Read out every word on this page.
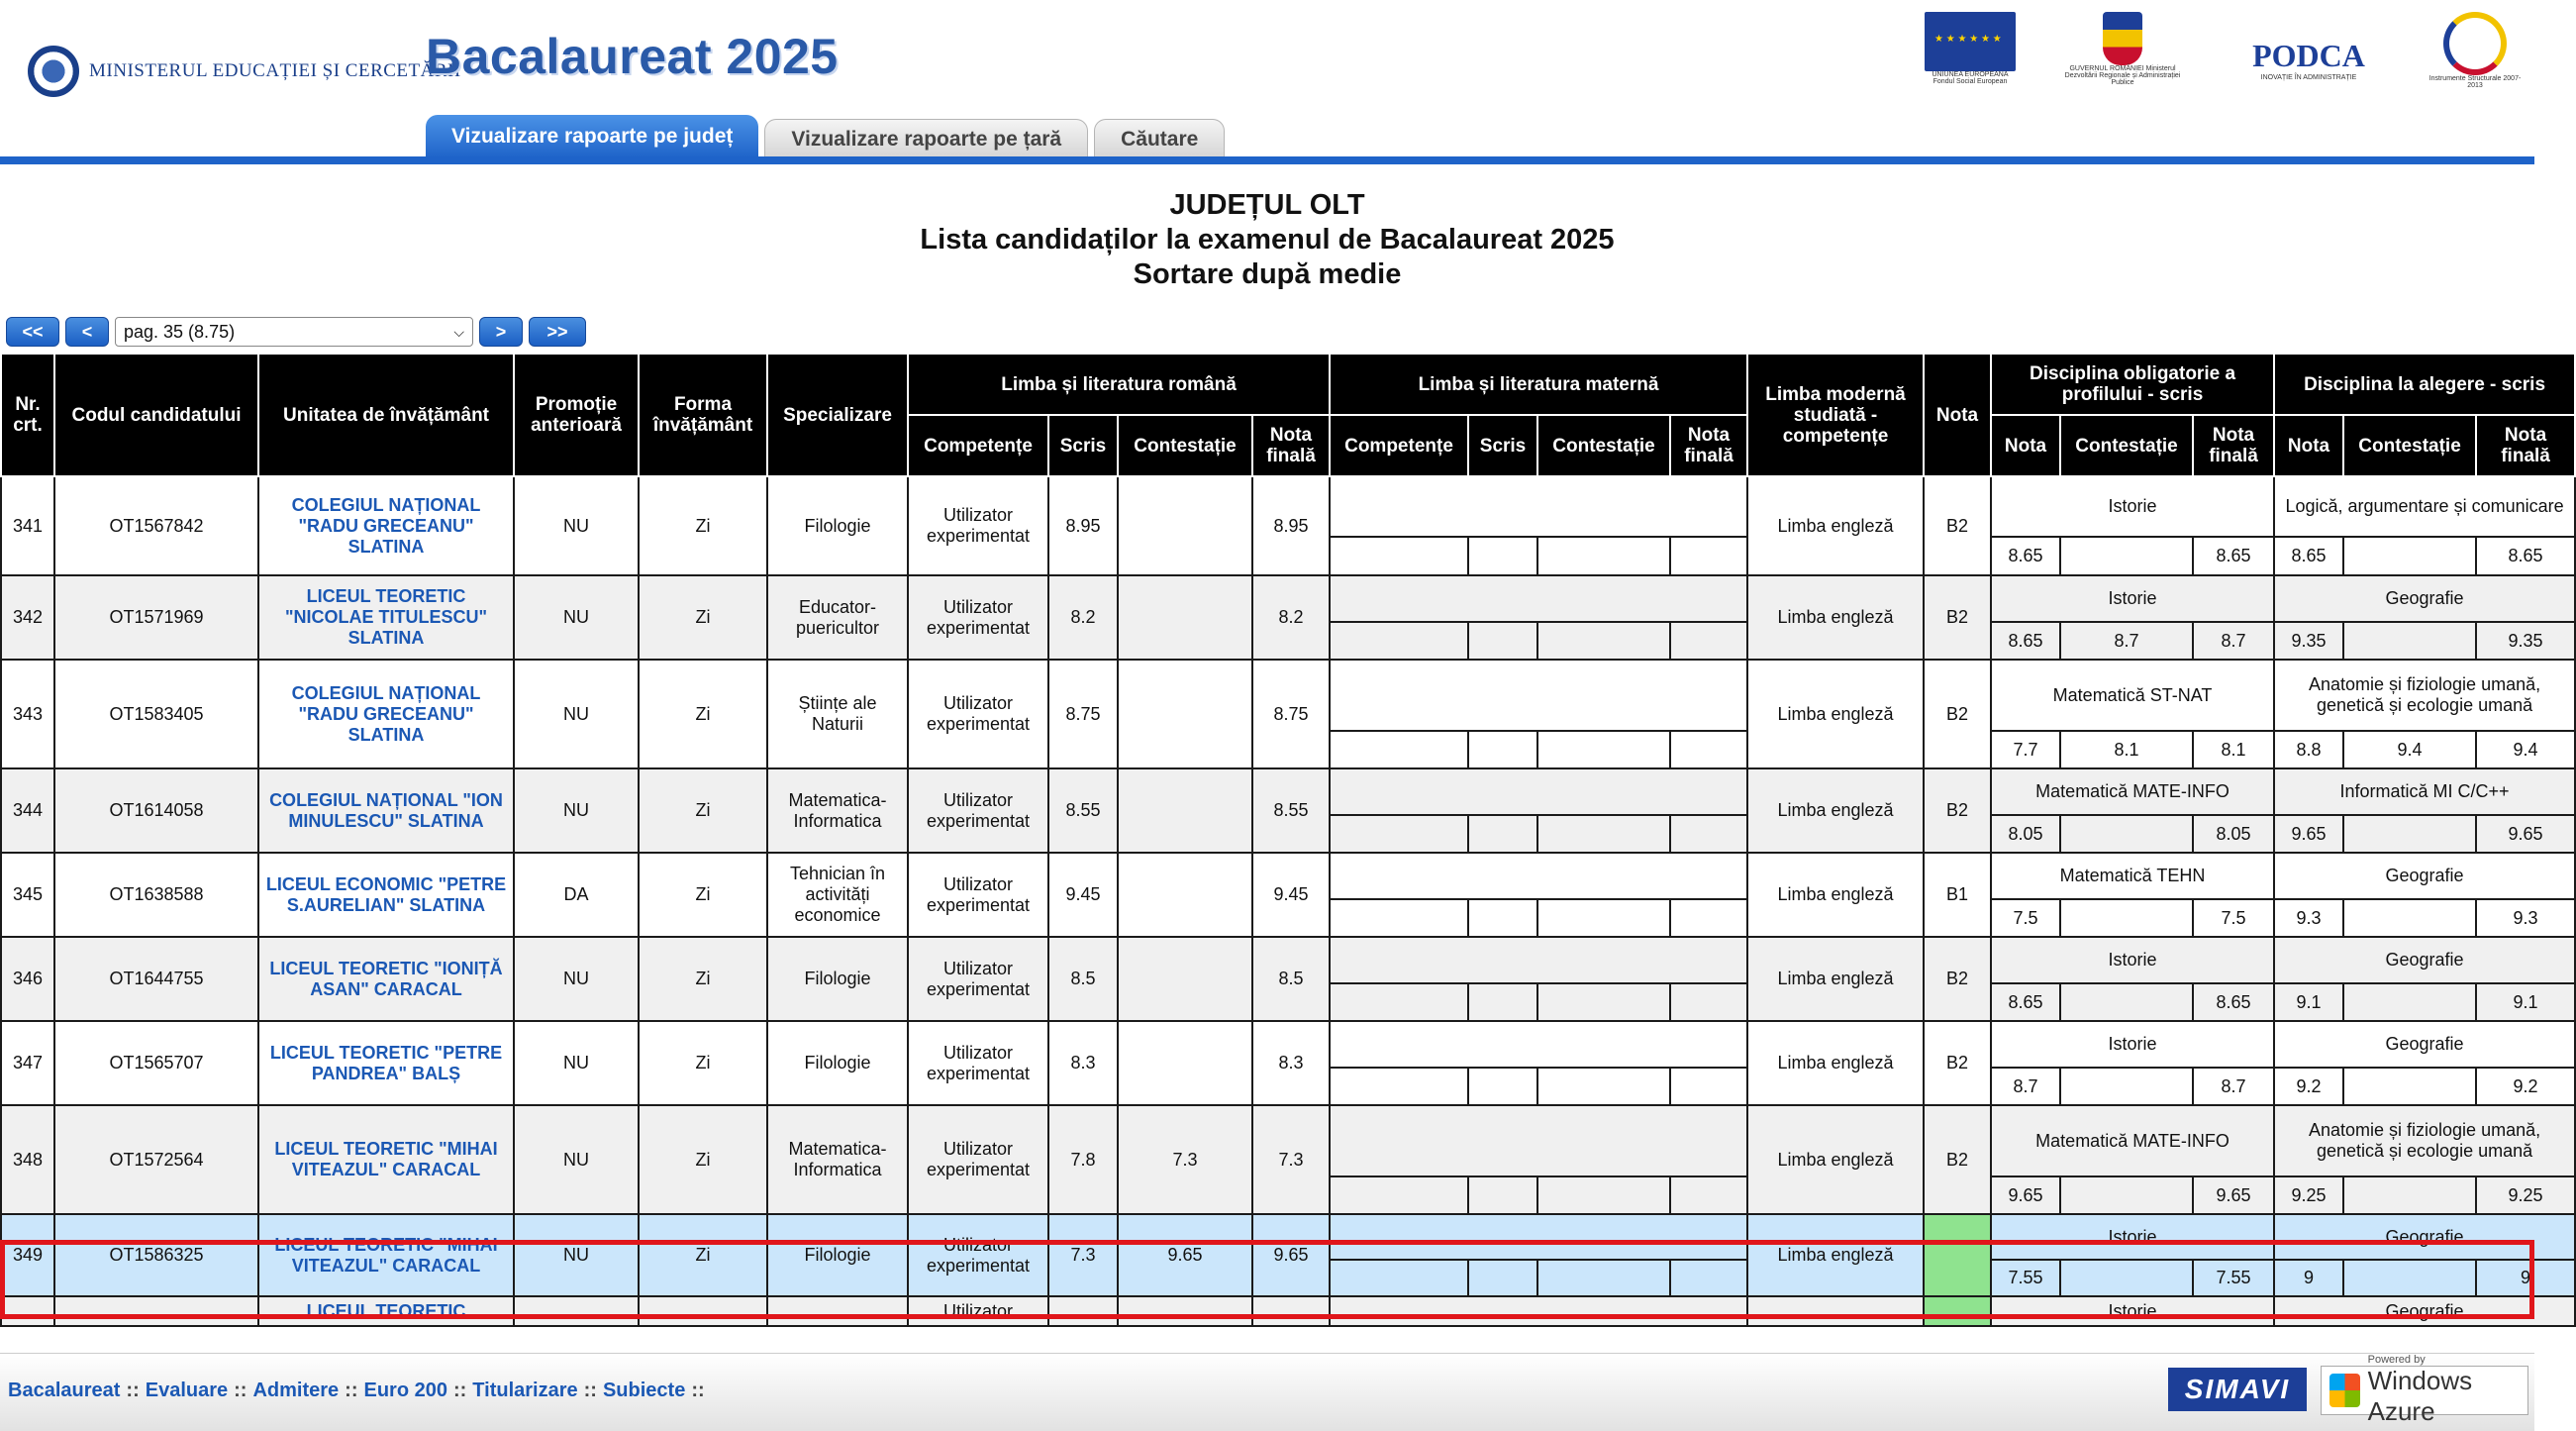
MINISTERUL EDUCAȚIEI ȘI CERCETĂRII
Bacalaureat 2025
★ ★ ★ ★ ★ ★	UNIUNEA EUROPEANĂ Fondul Social European
GUVERNUL ROMÂNIEI Ministerul Dezvoltării Regionale și Administrației Publice
PODCA
INOVAȚIE ÎN ADMINISTRAȚIE	Instrumente Structurale 2007-2013
Vizualizare rapoarte pe județ	Vizualizare rapoarte pe țară	Căutare
JUDEȚUL OLT
Lista candidaților la examenul de Bacalaureat 2025
Sortare după medie
<<	<	pag. 35 (8.75)	⌵	>	>>
Nr. crt.	Codul candidatului	Unitatea de învățământ	Promoție anterioară	Forma învățământ	Specializare	Limba și literatura română				Limba și literatura maternă				Limba modernă studiată - competențe	Nota	Disciplina obligatorie a profilului - scris			Disciplina la alegere - scris		
						Competențe	Scris	Contestație	Nota finală	Competențe	Scris	Contestație	Nota finală			Nota	Contestație	Nota finală	Nota	Contestație	Nota finală
341	OT1567842	COLEGIUL NAȚIONAL "RADU GRECEANU" SLATINA	NU	Zi	Filologie	Utilizator experimentat	8.95		8.95					Limba engleză	B2	Istorie			Logică, argumentare și comunicare		
																8.65		8.65	8.65		8.65
342	OT1571969	LICEUL TEORETIC "NICOLAE TITULESCU" SLATINA	NU	Zi	Educator-puericultor	Utilizator experimentat	8.2		8.2					Limba engleză	B2	Istorie			Geografie		
																8.65	8.7	8.7	9.35		9.35
343	OT1583405	COLEGIUL NAȚIONAL "RADU GRECEANU" SLATINA	NU	Zi	Științe ale Naturii	Utilizator experimentat	8.75		8.75					Limba engleză	B2	Matematică ST-NAT			Anatomie și fiziologie umană, genetică și ecologie umană		
																7.7	8.1	8.1	8.8	9.4	9.4
344	OT1614058	COLEGIUL NAȚIONAL "ION MINULESCU" SLATINA	NU	Zi	Matematica-Informatica	Utilizator experimentat	8.55		8.55					Limba engleză	B2	Matematică MATE-INFO			Informatică MI C/C++		
																8.05		8.05	9.65		9.65
345	OT1638588	LICEUL ECONOMIC "PETRE S.AURELIAN" SLATINA	DA	Zi	Tehnician în activități economice	Utilizator experimentat	9.45		9.45					Limba engleză	B1	Matematică TEHN			Geografie		
																7.5		7.5	9.3		9.3
346	OT1644755	LICEUL TEORETIC "IONIȚĂ ASAN" CARACAL	NU	Zi	Filologie	Utilizator experimentat	8.5		8.5					Limba engleză	B2	Istorie			Geografie		
																8.65		8.65	9.1		9.1
347	OT1565707	LICEUL TEORETIC "PETRE PANDREA" BALȘ	NU	Zi	Filologie	Utilizator experimentat	8.3		8.3					Limba engleză	B2	Istorie			Geografie		
																8.7		8.7	9.2		9.2
348	OT1572564	LICEUL TEORETIC "MIHAI VITEAZUL" CARACAL	NU	Zi	Matematica-Informatica	Utilizator experimentat	7.8	7.3	7.3					Limba engleză	B2	Matematică MATE-INFO			Anatomie și fiziologie umană, genetică și ecologie umană		
																9.65		9.65	9.25		9.25
349	OT1586325	LICEUL TEORETIC "MIHAI VITEAZUL" CARACAL	NU	Zi	Filologie	Utilizator experimentat	7.3	9.65	9.65					Limba engleză		Istorie			Geografie		
																7.55		7.55	9		9
		LICEUL TEORETIC				Utilizator										Istorie			Geografie		
Bacalaureat :: Evaluare :: Admitere :: Euro 200 :: Titularizare :: Subiecte ::	SIMAVI
Powered by
Windows Azure
